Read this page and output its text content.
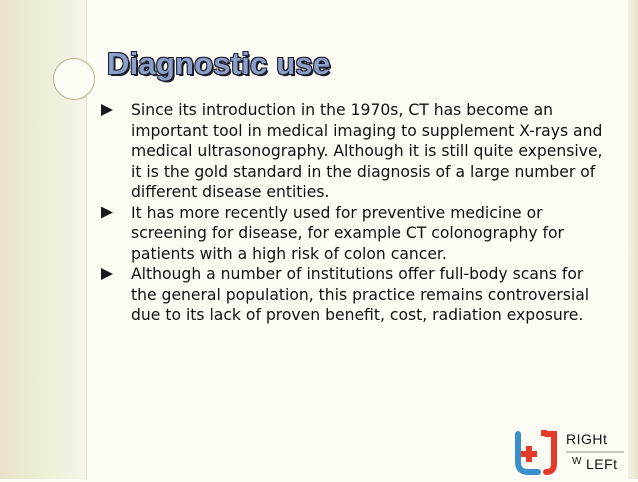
Diagnostic use
Since its introduction in the 1970s, CT has become an important tool in medical imaging to supplement X-rays and medical ultrasonography. Although it is still quite expensive, it is the gold standard in the diagnosis of a large number of different disease entities.
It has more recently used for preventive medicine or screening for disease, for example CT colonography for patients with a high risk of colon cancer.
Although a number of institutions offer full-body scans for the general population, this practice remains controversial due to its lack of proven benefit, cost, radiation exposure.
RIGHt
W LEFt
